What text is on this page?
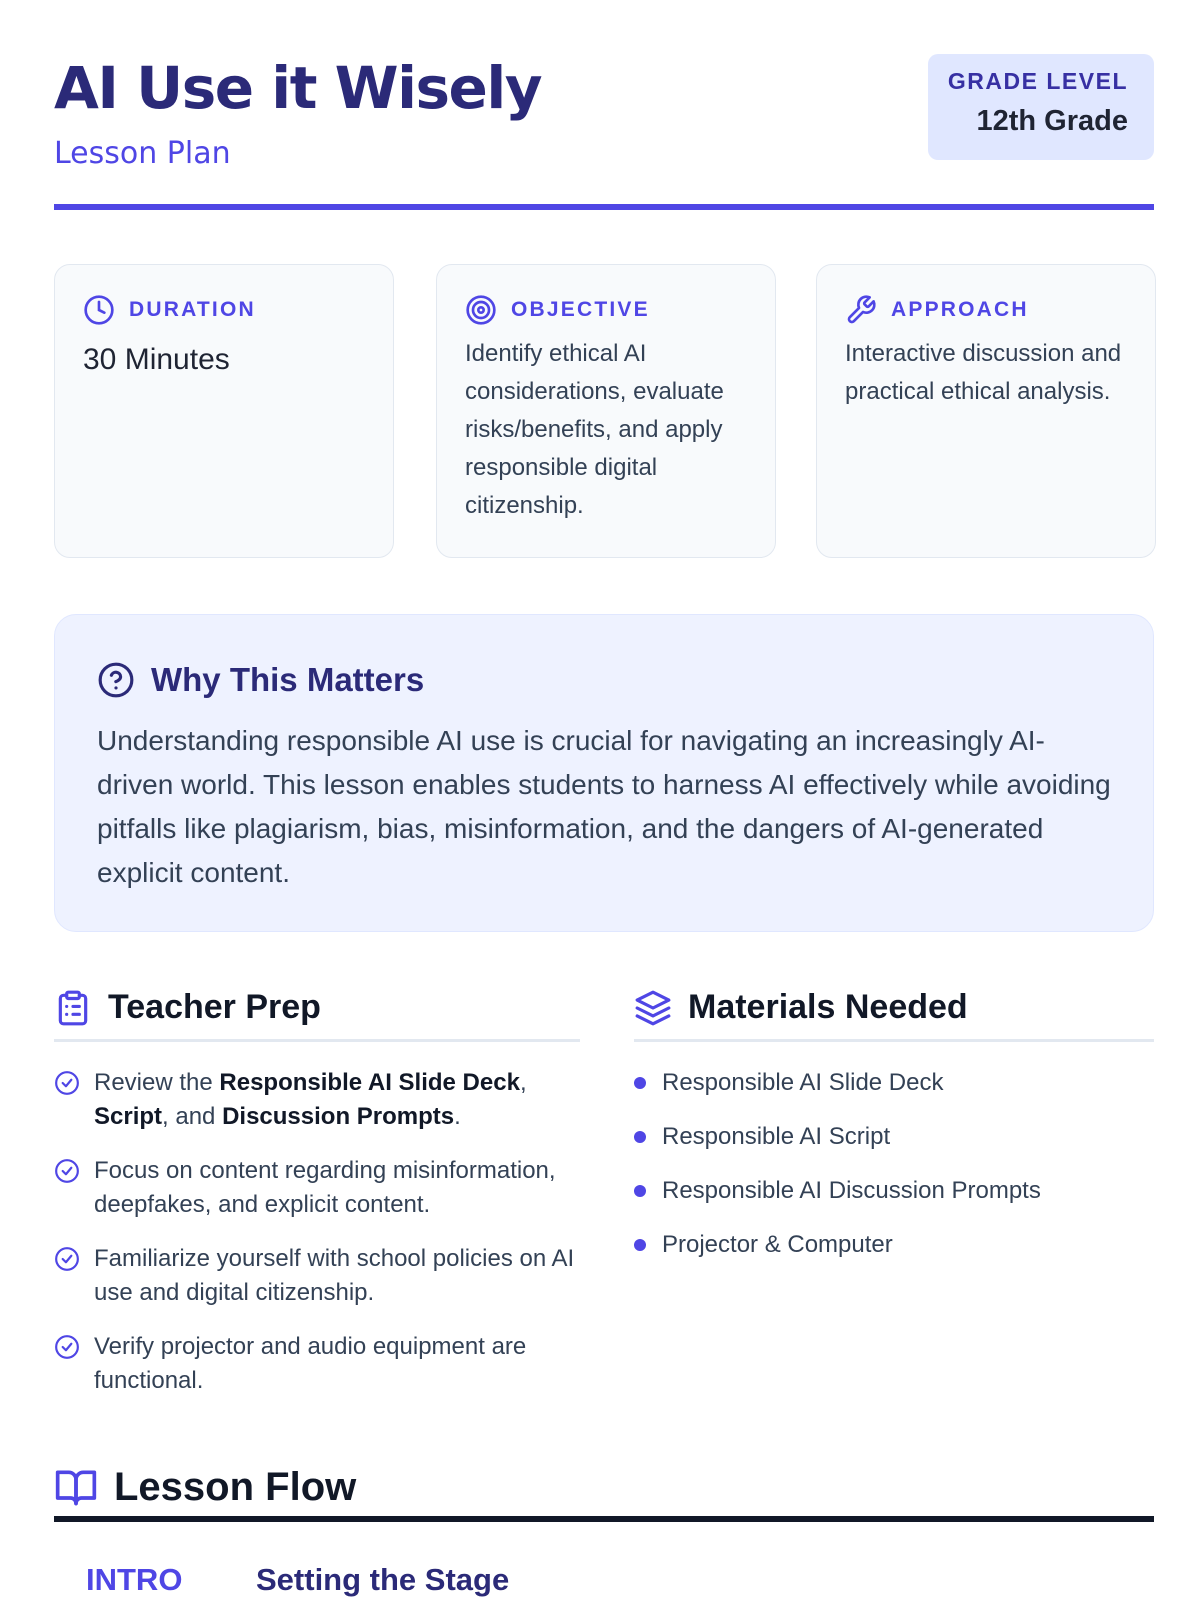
AI Use it Wisely
Lesson Plan
GRADE LEVEL
12th Grade
DURATION
30 Minutes
OBJECTIVE
Identify ethical AI considerations, evaluate risks/benefits, and apply responsible digital citizenship.
APPROACH
Interactive discussion and practical ethical analysis.
Why This Matters
Understanding responsible AI use is crucial for navigating an increasingly AI-driven world. This lesson enables students to harness AI effectively while avoiding pitfalls like plagiarism, bias, misinformation, and the dangers of AI-generated explicit content.
Teacher Prep
Review the Responsible AI Slide Deck, Script, and Discussion Prompts.
Focus on content regarding misinformation, deepfakes, and explicit content.
Familiarize yourself with school policies on AI use and digital citizenship.
Verify projector and audio equipment are functional.
Materials Needed
Responsible AI Slide Deck
Responsible AI Script
Responsible AI Discussion Prompts
Projector & Computer
Lesson Flow
INTRO	Setting the Stage
